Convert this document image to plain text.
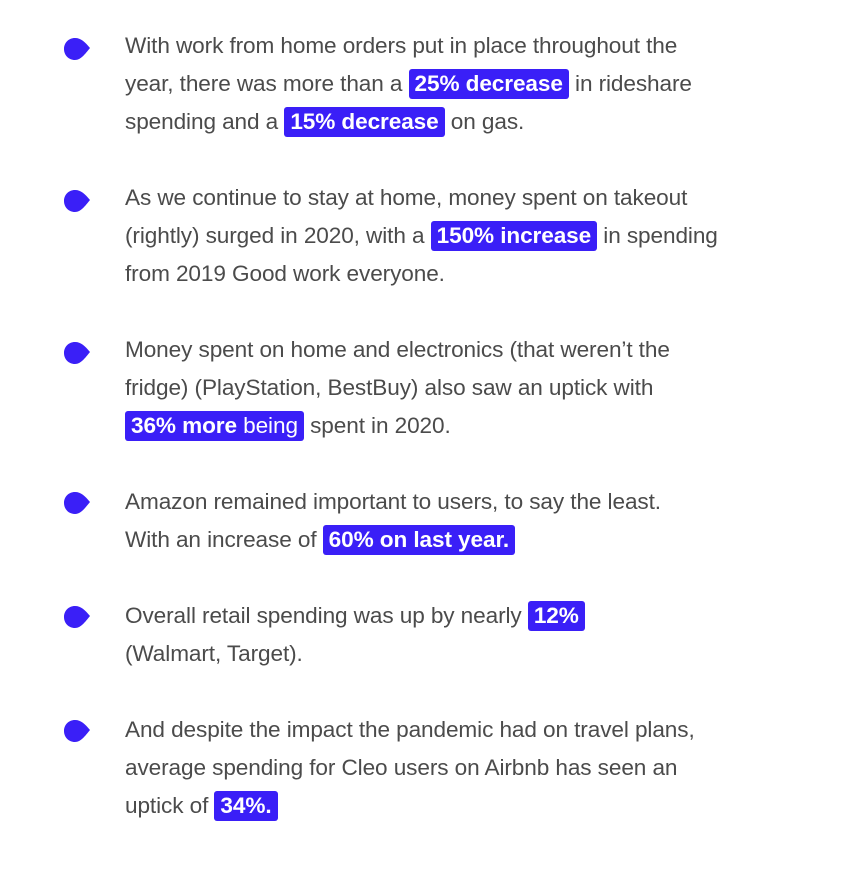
With work from home orders put in place throughout the
year, there was more than a 25% decrease in rideshare
spending and a 15% decrease on gas.
As we continue to stay at home, money spent on takeout
(rightly) surged in 2020, with a 150% increase in spending
from 2019 Good work everyone.
Money spent on home and electronics (that weren’t the
fridge) (PlayStation, BestBuy) also saw an uptick with
36% more being spent in 2020.
Amazon remained important to users, to say the least.
With an increase of 60% on last year.
Overall retail spending was up by nearly 12%
(Walmart, Target).
And despite the impact the pandemic had on travel plans,
average spending for Cleo users on Airbnb has seen an
uptick of 34%.
